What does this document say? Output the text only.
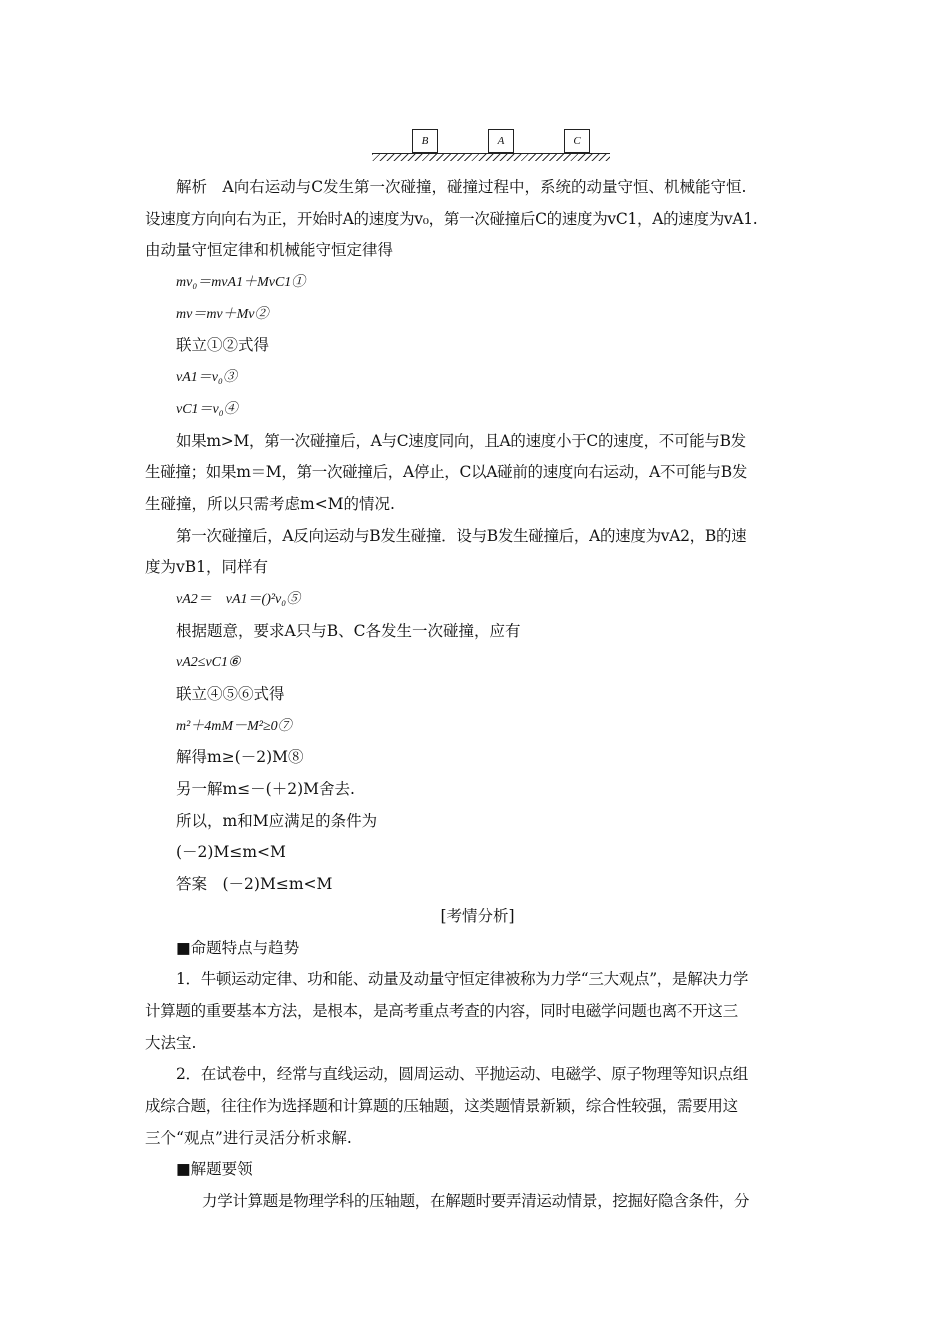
B	A	C
解析　A向右运动与C发生第一次碰撞，碰撞过程中，系统的动量守恒、机械能守恒.
设速度方向向右为正，开始时A的速度为v₀，第一次碰撞后C的速度为vC1，A的速度为vA1.
由动量守恒定律和机械能守恒定律得
mv₀＝mvA1＋MvC1①
mv＝mv＋Mv②
联立①②式得
vA1＝v₀③
vC1＝v₀④
如果m>M，第一次碰撞后，A与C速度同向，且A的速度小于C的速度，不可能与B发
生碰撞；如果m＝M，第一次碰撞后，A停止，C以A碰前的速度向右运动，A不可能与B发
生碰撞，所以只需考虑m<M的情况.
第一次碰撞后，A反向运动与B发生碰撞．设与B发生碰撞后，A的速度为vA2，B的速
度为vB1，同样有
vA2＝　vA1＝()²v₀⑤
根据题意，要求A只与B、C各发生一次碰撞，应有
vA2≤vC1⑥
联立④⑤⑥式得
m²＋4mM－M²≥0⑦
解得m≥(－2)M⑧
另一解m≤－(＋2)M舍去.
所以，m和M应满足的条件为
(－2)M≤m<M
答案　(－2)M≤m<M
[考情分析]
■命题特点与趋势
1．牛顿运动定律、功和能、动量及动量守恒定律被称为力学“三大观点”，是解决力学
计算题的重要基本方法，是根本，是高考重点考查的内容，同时电磁学问题也离不开这三
大法宝.
2．在试卷中，经常与直线运动，圆周运动、平抛运动、电磁学、原子物理等知识点组
成综合题，往往作为选择题和计算题的压轴题，这类题情景新颖，综合性较强，需要用这
三个“观点”进行灵活分析求解.
■解题要领
力学计算题是物理学科的压轴题，在解题时要弄清运动情景，挖掘好隐含条件，分
